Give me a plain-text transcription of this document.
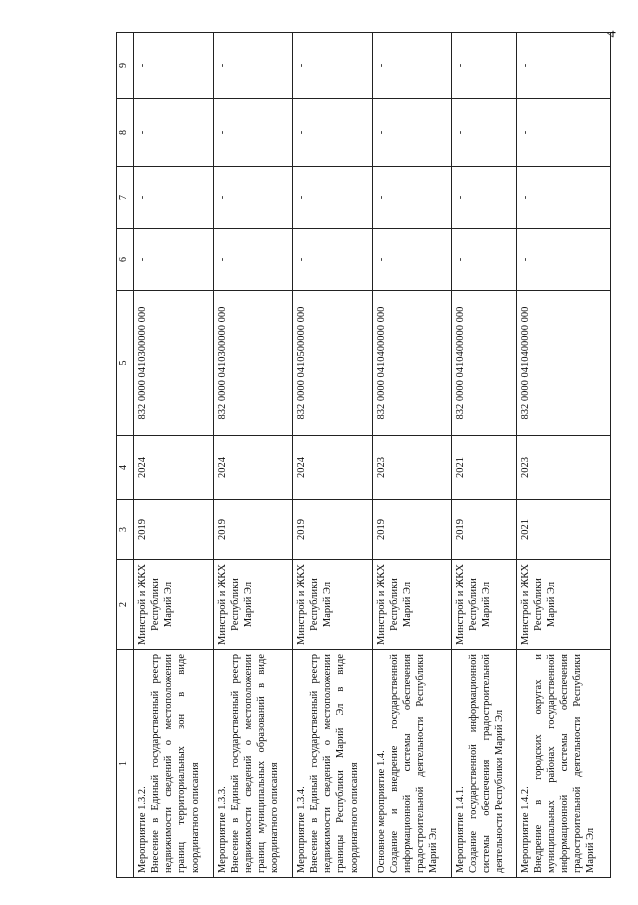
4
1	2	3	4	5	6	7	8	9

Мероприятие 1.3.2. Внесение в Единый государственный реестр недвижимости сведений о местоположении границ территориальных зон в виде координатного описания	Минстрой и ЖКХ Республики Марий Эл	2019	2024	832 0000 0410300000 000	-	-	-	-

Мероприятие 1.3.3. Внесение в Единый государственный реестр недвижимости сведений о местоположении границ муниципальных образований в виде координатного описания	Минстрой и ЖКХ Республики Марий Эл	2019	2024	832 0000 0410300000 000	-	-	-	-

Мероприятие 1.3.4. Внесение в Единый государственный реестр недвижимости сведений о местоположении границы Республики Марий Эл в виде координатного описания	Минстрой и ЖКХ Республики Марий Эл	2019	2024	832 0000 0410500000 000	-	-	-	-

Основное мероприятие 1.4. Создание и внедрение государственной информационной системы обеспечения градостроительной деятельности Республики Марий Эл	Минстрой и ЖКХ Республики Марий Эл	2019	2023	832 0000 0410400000 000	-	-	-	-

Мероприятие 1.4.1. Создание государственной информационной системы обеспечения градостроительной деятельности Республики Марий Эл	Минстрой и ЖКХ Республики Марий Эл	2019	2021	832 0000 0410400000 000	-	-	-	-

Мероприятие 1.4.2. Внедрение в городских округах и муниципальных районах государственной информационной системы обеспечения градостроительной деятельности Республики Марий Эл	Минстрой и ЖКХ Республики Марий Эл	2021	2023	832 0000 0410400000 000	-	-	-	-
